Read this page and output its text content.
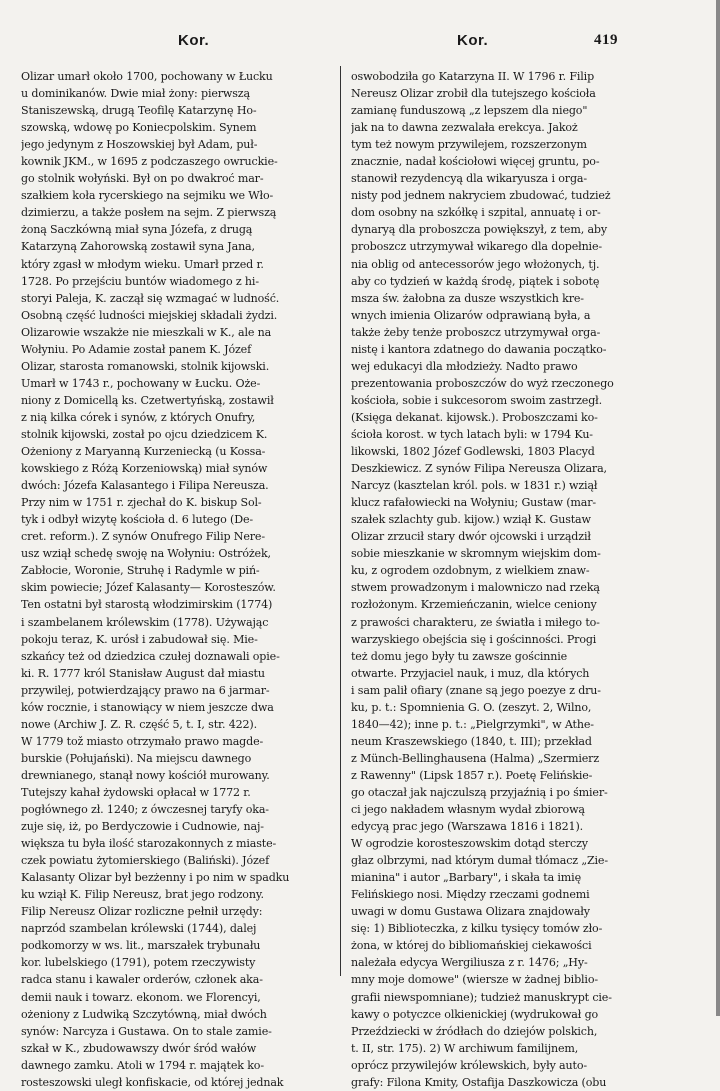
Kor.	Kor.	419
Olizar umarł około 1700, pochowany w Łucku
u dominikanów. Dwie miał żony: pierwszą
Staniszewską, drugą Teofilę Katarzynę Ho-
szowską, wdowę po Koniecpolskim. Synem
jego jedynym z Hoszowskiej był Adam, puł-
kownik JKM., w 1695 z podczaszego owruckie-
go stolnik wołyński. Był on po dwakroć mar-
szałkiem koła rycerskiego na sejmiku we Wło-
dzimierzu, a także posłem na sejm. Z pierwszą
żoną Saczkówną miał syna Józefa, z drugą
Katarzyną Zahorowską zostawił syna Jana,
który zgasł w młodym wieku. Umarł przed r.
1728. Po przejściu buntów wiadomego z hi-
storyi Paleja, K. zaczął się wzmagać w ludność.
Osobną część ludności miejskiej składali żydzi.
Olizarowie wszakże nie mieszkali w K., ale na
Wołyniu. Po Adamie został panem K. Józef
Olizar, starosta romanowski, stolnik kijowski.
Umarł w 1743 r., pochowany w Łucku. Oże-
niony z Domicellą ks. Czetwertyńską, zostawił
z nią kilka córek i synów, z których Onufry,
stolnik kijowski, został po ojcu dziedzicem K.
Ożeniony z Maryanną Kurzeniecką (u Kossa-
kowskiego z Różą Korzeniowską) miał synów
dwóch: Józefa Kalasantego i Filipa Nereusza.
Przy nim w 1751 r. zjechał do K. biskup Sol-
tyk i odbył wizytę kościoła d. 6 lutego (De-
cret. reform.). Z synów Onufrego Filip Nere-
usz wziął schedę swoję na Wołyniu: Ostróżek,
Zabłocie, Woronie, Struhę i Radymle w piń-
skim powiecie; Józef Kalasanty— Korosteszów.
Ten ostatni był starostą włodzimirskim (1774)
i szambelanem królewskim (1778). Używając
pokoju teraz, K. urósł i zabudował się. Mie-
szkańcy też od dziedzica czułej doznawali opie-
ki. R. 1777 król Stanisław August dał miastu
przywilej, potwierdzający prawo na 6 jarmar-
ków rocznie, i stanowiący w niem jeszcze dwa
nowe (Archiw J. Z. R. część 5, t. I, str. 422).
W 1779 tož miasto otrzymało prawo magde-
burskie (Połujański). Na miejscu dawnego
drewnianego, stanął nowy kościół murowany.
Tutejszy kahał żydowski opłacał w 1772 r.
pogłównego zł. 1240; z ówczesnej taryfy oka-
zuje się, iż, po Berdyczowie i Cudnowie, naj-
większa tu była ilość starozakonnych z miaste-
czek powiatu żytomierskiego (Baliński). Józef
Kalasanty Olizar był bezżenny i po nim w spadku
ku wziął K. Filip Nereusz, brat jego rodzony.
Filip Nereusz Olizar rozliczne pełnił urzędy:
naprzód szambelan królewski (1744), dalej
podkomorzy w ws. lit., marszałek trybunału
kor. lubelskiego (1791), potem rzeczywisty
radca stanu i kawaler orderów, członek aka-
demii nauk i towarz. ekonom. we Florencyi,
ożeniony z Ludwiką Szczytówną, miał dwóch
synów: Narcyza i Gustawa. On to stale zamie-
szkał w K., zbudowawszy dwór śród wałów
dawnego zamku. Atoli w 1794 r. majątek ko-
rosteszowski uległ konfiskacie, od której jednak
oswobodziła go Katarzyna II. W 1796 r. Filip
Nereusz Olizar zrobił dla tutejszego kościoła
zamianę funduszową „z lepszem dla niego"
jak na to dawna zezwalała erekcya. Jakoż
tym też nowym przywilejem, rozszerzonym
znacznie, nadał kościołowi więcej gruntu, po-
stanowił rezydencyą dla wikaryusza i orga-
nisty pod jednem nakryciem zbudować, tudzież
dom osobny na szkółkę i szpital, annuatę i or-
dynaryą dla proboszcza powiększył, z tem, aby
proboszcz utrzymywał wikarego dla dopełnie-
nia oblig od antecessorów jego włożonych, tj.
aby co tydzień w każdą środę, piątek i sobotę
msza św. żałobna za dusze wszystkich kre-
wnych imienia Olizarów odprawianą była, a
także żeby tenże proboszcz utrzymywał orga-
nistę i kantora zdatnego do dawania początko-
wej edukacyi dla młodzieży. Nadto prawo
prezentowania proboszczów do wyż rzeczonego
kościoła, sobie i sukcesorom swoim zastrzegł.
(Księga dekanat. kijowsk.). Proboszczami ko-
ścioła korost. w tych latach byli: w 1794 Ku-
likowski, 1802 Józef Godlewski, 1803 Placyd
Deszkiewicz. Z synów Filipa Nereusza Olizara,
Narcyz (kasztelan król. pols. w 1831 r.) wziął
klucz rafałowiecki na Wołyniu; Gustaw (mar-
szałek szlachty gub. kijow.) wziął K. Gustaw
Olizar zrzucił stary dwór ojcowski i urządził
sobie mieszkanie w skromnym wiejskim dom-
ku, z ogrodem ozdobnym, z wielkiem znaw-
stwem prowadzonym i malowniczo nad rzeką
rozłożonym. Krzemieńczanin, wielce ceniony
z prawości charakteru, ze światła i miłego to-
warzyskiego obejścia się i gościnności. Progi
też domu jego były tu zawsze gościnnie
otwarte. Przyjaciel nauk, i muz, dla których
i sam palił ofiary (znane są jego poezye z dru-
ku, p. t.: Spomnienia G. O. (zeszyt. 2, Wilno,
1840—42); inne p. t.: „Pielgrzymki", w Athe-
neum Kraszewskiego (1840, t. III); przekład
z Münch-Bellinghausena (Halma) „Szermierz
z Rawenny" (Lipsk 1857 r.). Poetę Felińskie-
go otaczał jak najczulszą przyjaźnią i po śmier-
ci jego nakładem własnym wydał zbiorową
edycyą prac jego (Warszawa 1816 i 1821).
W ogrodzie korosteszowskim dotąd sterczy
głaz olbrzymi, nad którym dumał tłómacz „Zie-
mianina" i autor „Barbary", i skała ta imię
Felińskiego nosi. Między rzeczami godnemi
uwagi w domu Gustawa Olizara znajdowały
się: 1) Biblioteczka, z kilku tysięcy tomów zło-
żona, w której do bibliomańskiej ciekawości
należała edycya Wergiliusza z r. 1476; „Hy-
mny moje domowe" (wiersze w żadnej biblio-
grafii niewspomniane); tudzież manuskrypt cie-
kawy o potyczce olkienickiej (wydrukował go
Przeździecki w źródłach do dziejów polskich,
t. II, str. 175). 2) W archiwum familijnem,
oprócz przywilejów królewskich, były auto-
grafy: Filona Kmity, Ostafija Daszkowicza (obu
